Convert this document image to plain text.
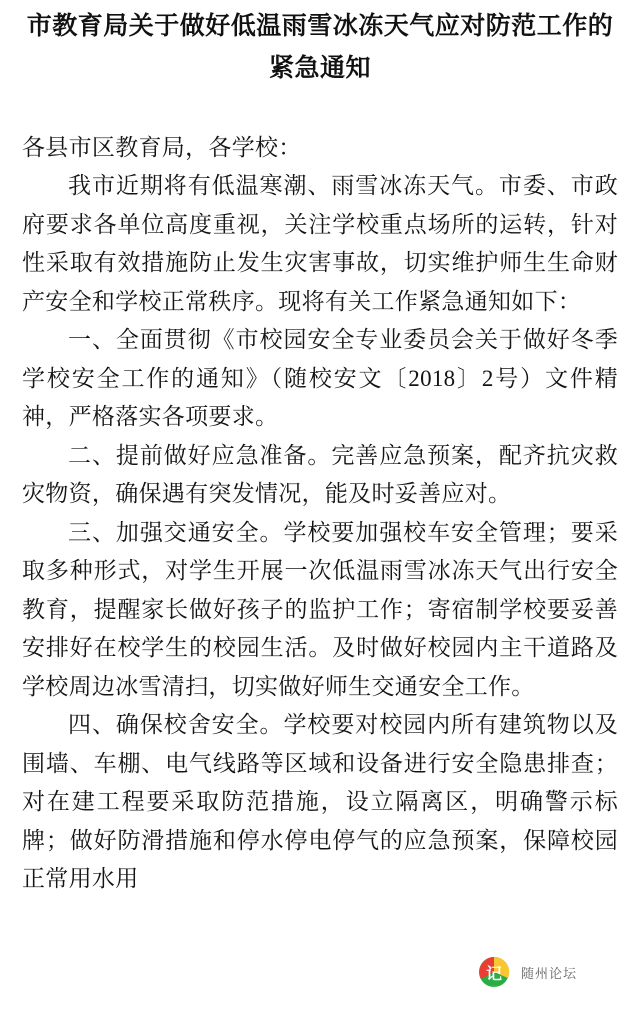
市教育局关于做好低温雨雪冰冻天气应对防范工作的
紧急通知
各县市区教育局，各学校：

我市近期将有低温寒潮、雨雪冰冻天气。市委、市政府要求各单位高度重视，关注学校重点场所的运转，针对性采取有效措施防止发生灾害事故，切实维护师生生命财产安全和学校正常秩序。现将有关工作紧急通知如下：

一、全面贯彻《市校园安全专业委员会关于做好冬季学校安全工作的通知》（随校安文〔2018〕2号）文件精神，严格落实各项要求。

二、提前做好应急准备。完善应急预案，配齐抗灾救灾物资，确保遇有突发情况，能及时妥善应对。

三、加强交通安全。学校要加强校车安全管理；要采取多种形式，对学生开展一次低温雨雪冰冻天气出行安全教育，提醒家长做好孩子的监护工作；寄宿制学校要妥善安排好在校学生的校园生活。及时做好校园内主干道路及学校周边冰雪清扫，切实做好师生交通安全工作。

四、确保校舍安全。学校要对校园内所有建筑物以及围墙、车棚、电气线路等区域和设备进行安全隐患排查；对在建工程要采取防范措施，设立隔离区，明确警示标牌；做好防滑措施和停水停电停气的应急预案，保障校园正常用水用

记 随州论坛
